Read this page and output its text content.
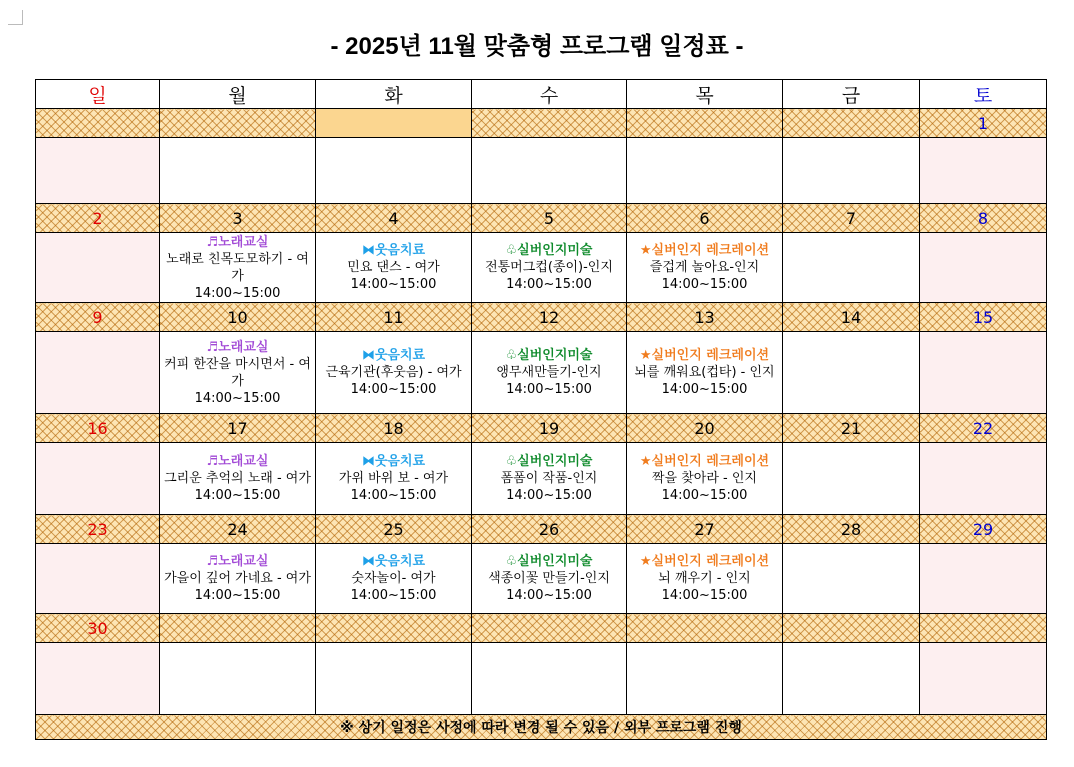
- 2025년 11월 맞춤형 프로그램 일정표 -
일	월	화	수	목	금	토
						1

2	3	4	5	6	7	8

	♬노래교실
노래로 친목도모하기 - 여가
14:00~15:00	⧓웃음치료
민요 댄스 - 여가
14:00~15:00	♧실버인지미술
전통머그컵(종이)-인지
14:00~15:00	★실버인지 레크레이션
즐겁게 놀아요-인지
14:00~15:00		

9	10	11	12	13	14	15

	♬노래교실
커피 한잔을 마시면서 - 여가
14:00~15:00	⧓웃음치료
근육기관(후웃음) - 여가
14:00~15:00	♧실버인지미술
앵무새만들기-인지
14:00~15:00	★실버인지 레크레이션
뇌를 깨워요(컵타) - 인지
14:00~15:00		

16	17	18	19	20	21	22

	♬노래교실
그리운 추억의 노래 - 여가
14:00~15:00	⧓웃음치료
가위 바위 보 - 여가
14:00~15:00	♧실버인지미술
폼폼이 작품-인지
14:00~15:00	★실버인지 레크레이션
짝을 찾아라 - 인지
14:00~15:00		

23	24	25	26	27	28	29

	♬노래교실
가을이 깊어 가네요 - 여가
14:00~15:00	⧓웃음치료
숫자놀이- 여가
14:00~15:00	♧실버인지미술
색종이꽃 만들기-인지
14:00~15:00	★실버인지 레크레이션
뇌 깨우기 - 인지
14:00~15:00		

30						

※ 상기 일정은 사정에 따라 변경 될 수 있음 / 외부 프로그램 진행						
